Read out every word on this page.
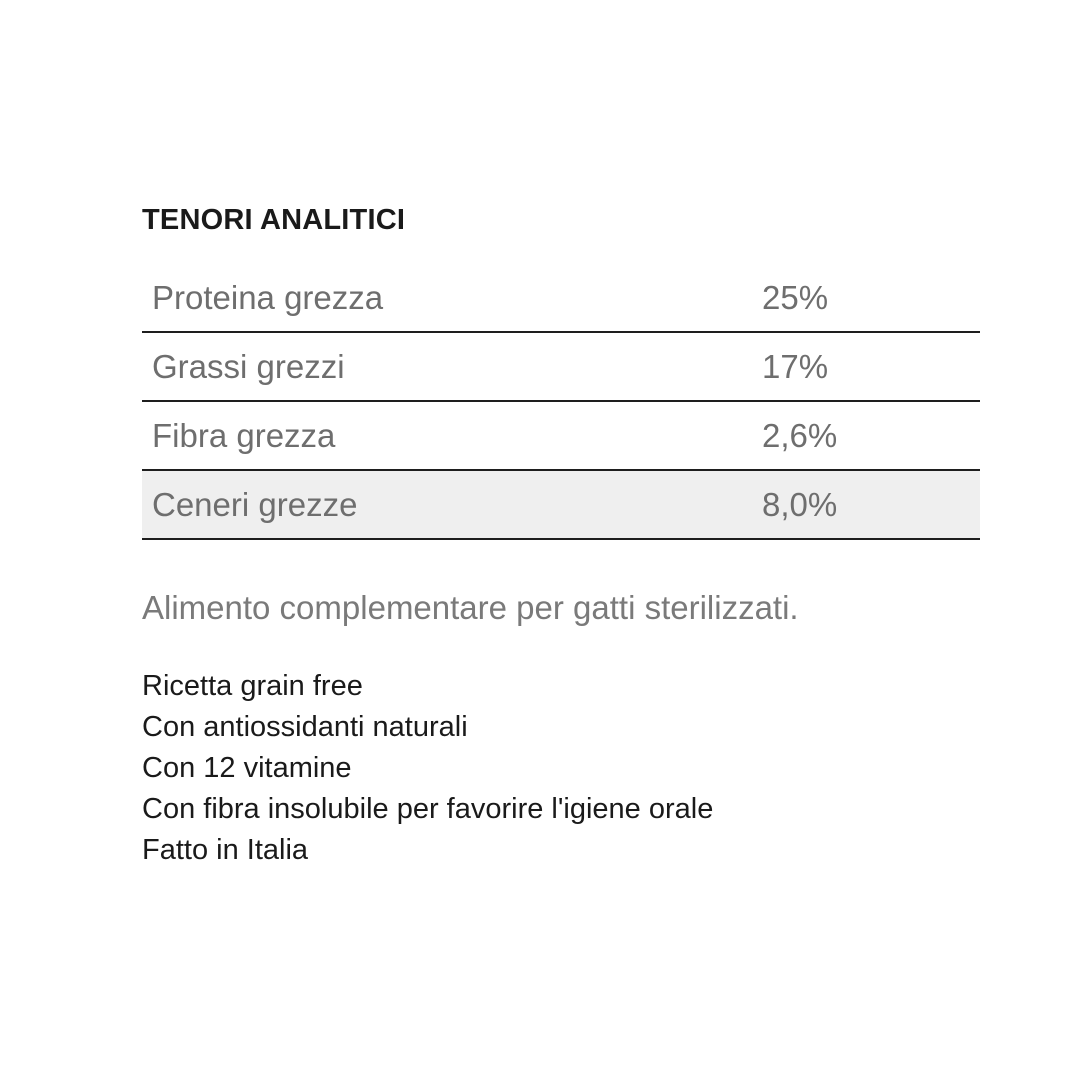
TENORI ANALITICI
Proteina grezza	25%
Grassi grezzi	17%
Fibra grezza	2,6%
Ceneri grezze	8,0%

Alimento complementare per gatti sterilizzati.

Ricetta grain free
Con antiossidanti naturali
Con 12 vitamine
Con fibra insolubile per favorire l'igiene orale
Fatto in Italia
